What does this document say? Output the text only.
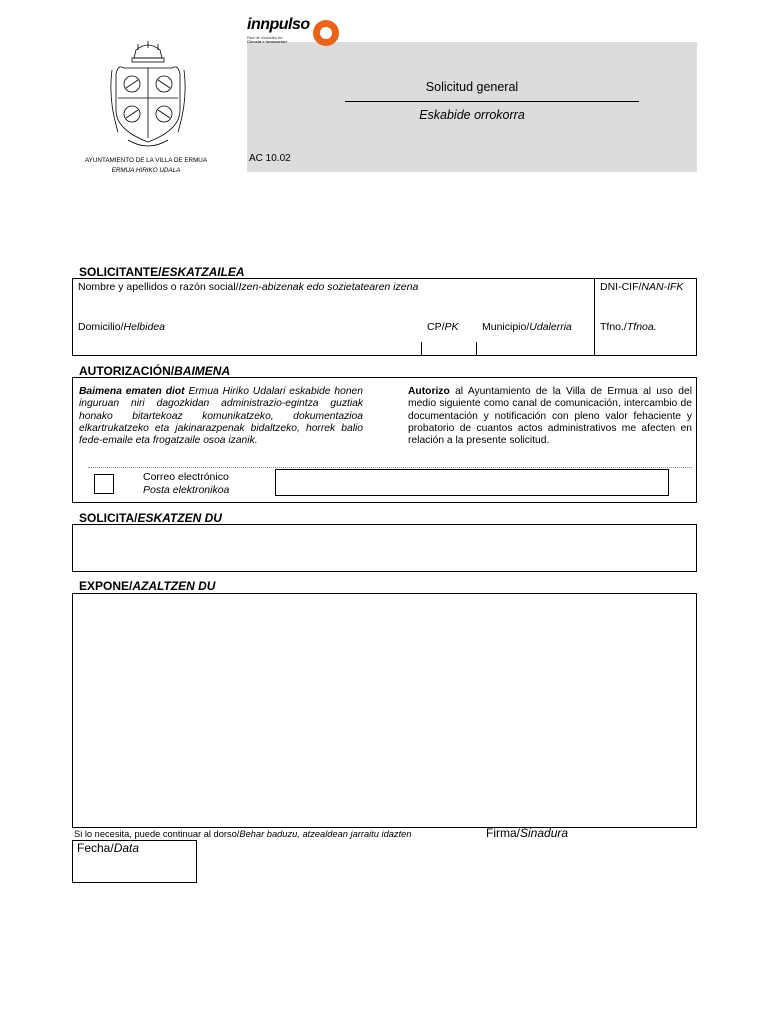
AYUNTAMIENTO DE LA VILLA DE ERMUA
ERMUA HIRIKO UDALA
innpulso
Red de ciudades de
Ciencia e Innovación
Solicitud general
Eskabide orrokorra
AC 10.02
SOLICITANTE/ESKATZAILEA
Nombre y apellidos o razón social/Izen-abizenak edo sozietatearen izena	DNI-CIF/NAN-IFK
Domicilio/Helbidea	CP/PK Municipio/Udalerria	Tfno./Tfnoa.
AUTORIZACIÓN/BAIMENA
Baimena ematen diot Ermua Hiriko Udalari eskabide honen inguruan niri dagozkidan administrazio-egintza guztiak honako bitartekoaz komunikatzeko, dokumentazioa elkartrukatzeko eta jakinarazpenak bidaltzeko, horrek balio fede-emaile eta frogatzaile osoa izanik.
Autorizo al Ayuntamiento de la Villa de Ermua al uso del medio siguiente como canal de comunicación, intercambio de documentación y notificación con pleno valor fehaciente y probatorio de cuantos actos administrativos me afecten en relación a la presente solicitud.
Correo electrónico
Posta elektronikoa
SOLICITA/ESKATZEN DU
EXPONE/AZALTZEN DU
Si lo necesita, puede continuar al dorso/Behar baduzu, atzealdean jarraitu idazten	Firma/Sinadura
Fecha/Data
